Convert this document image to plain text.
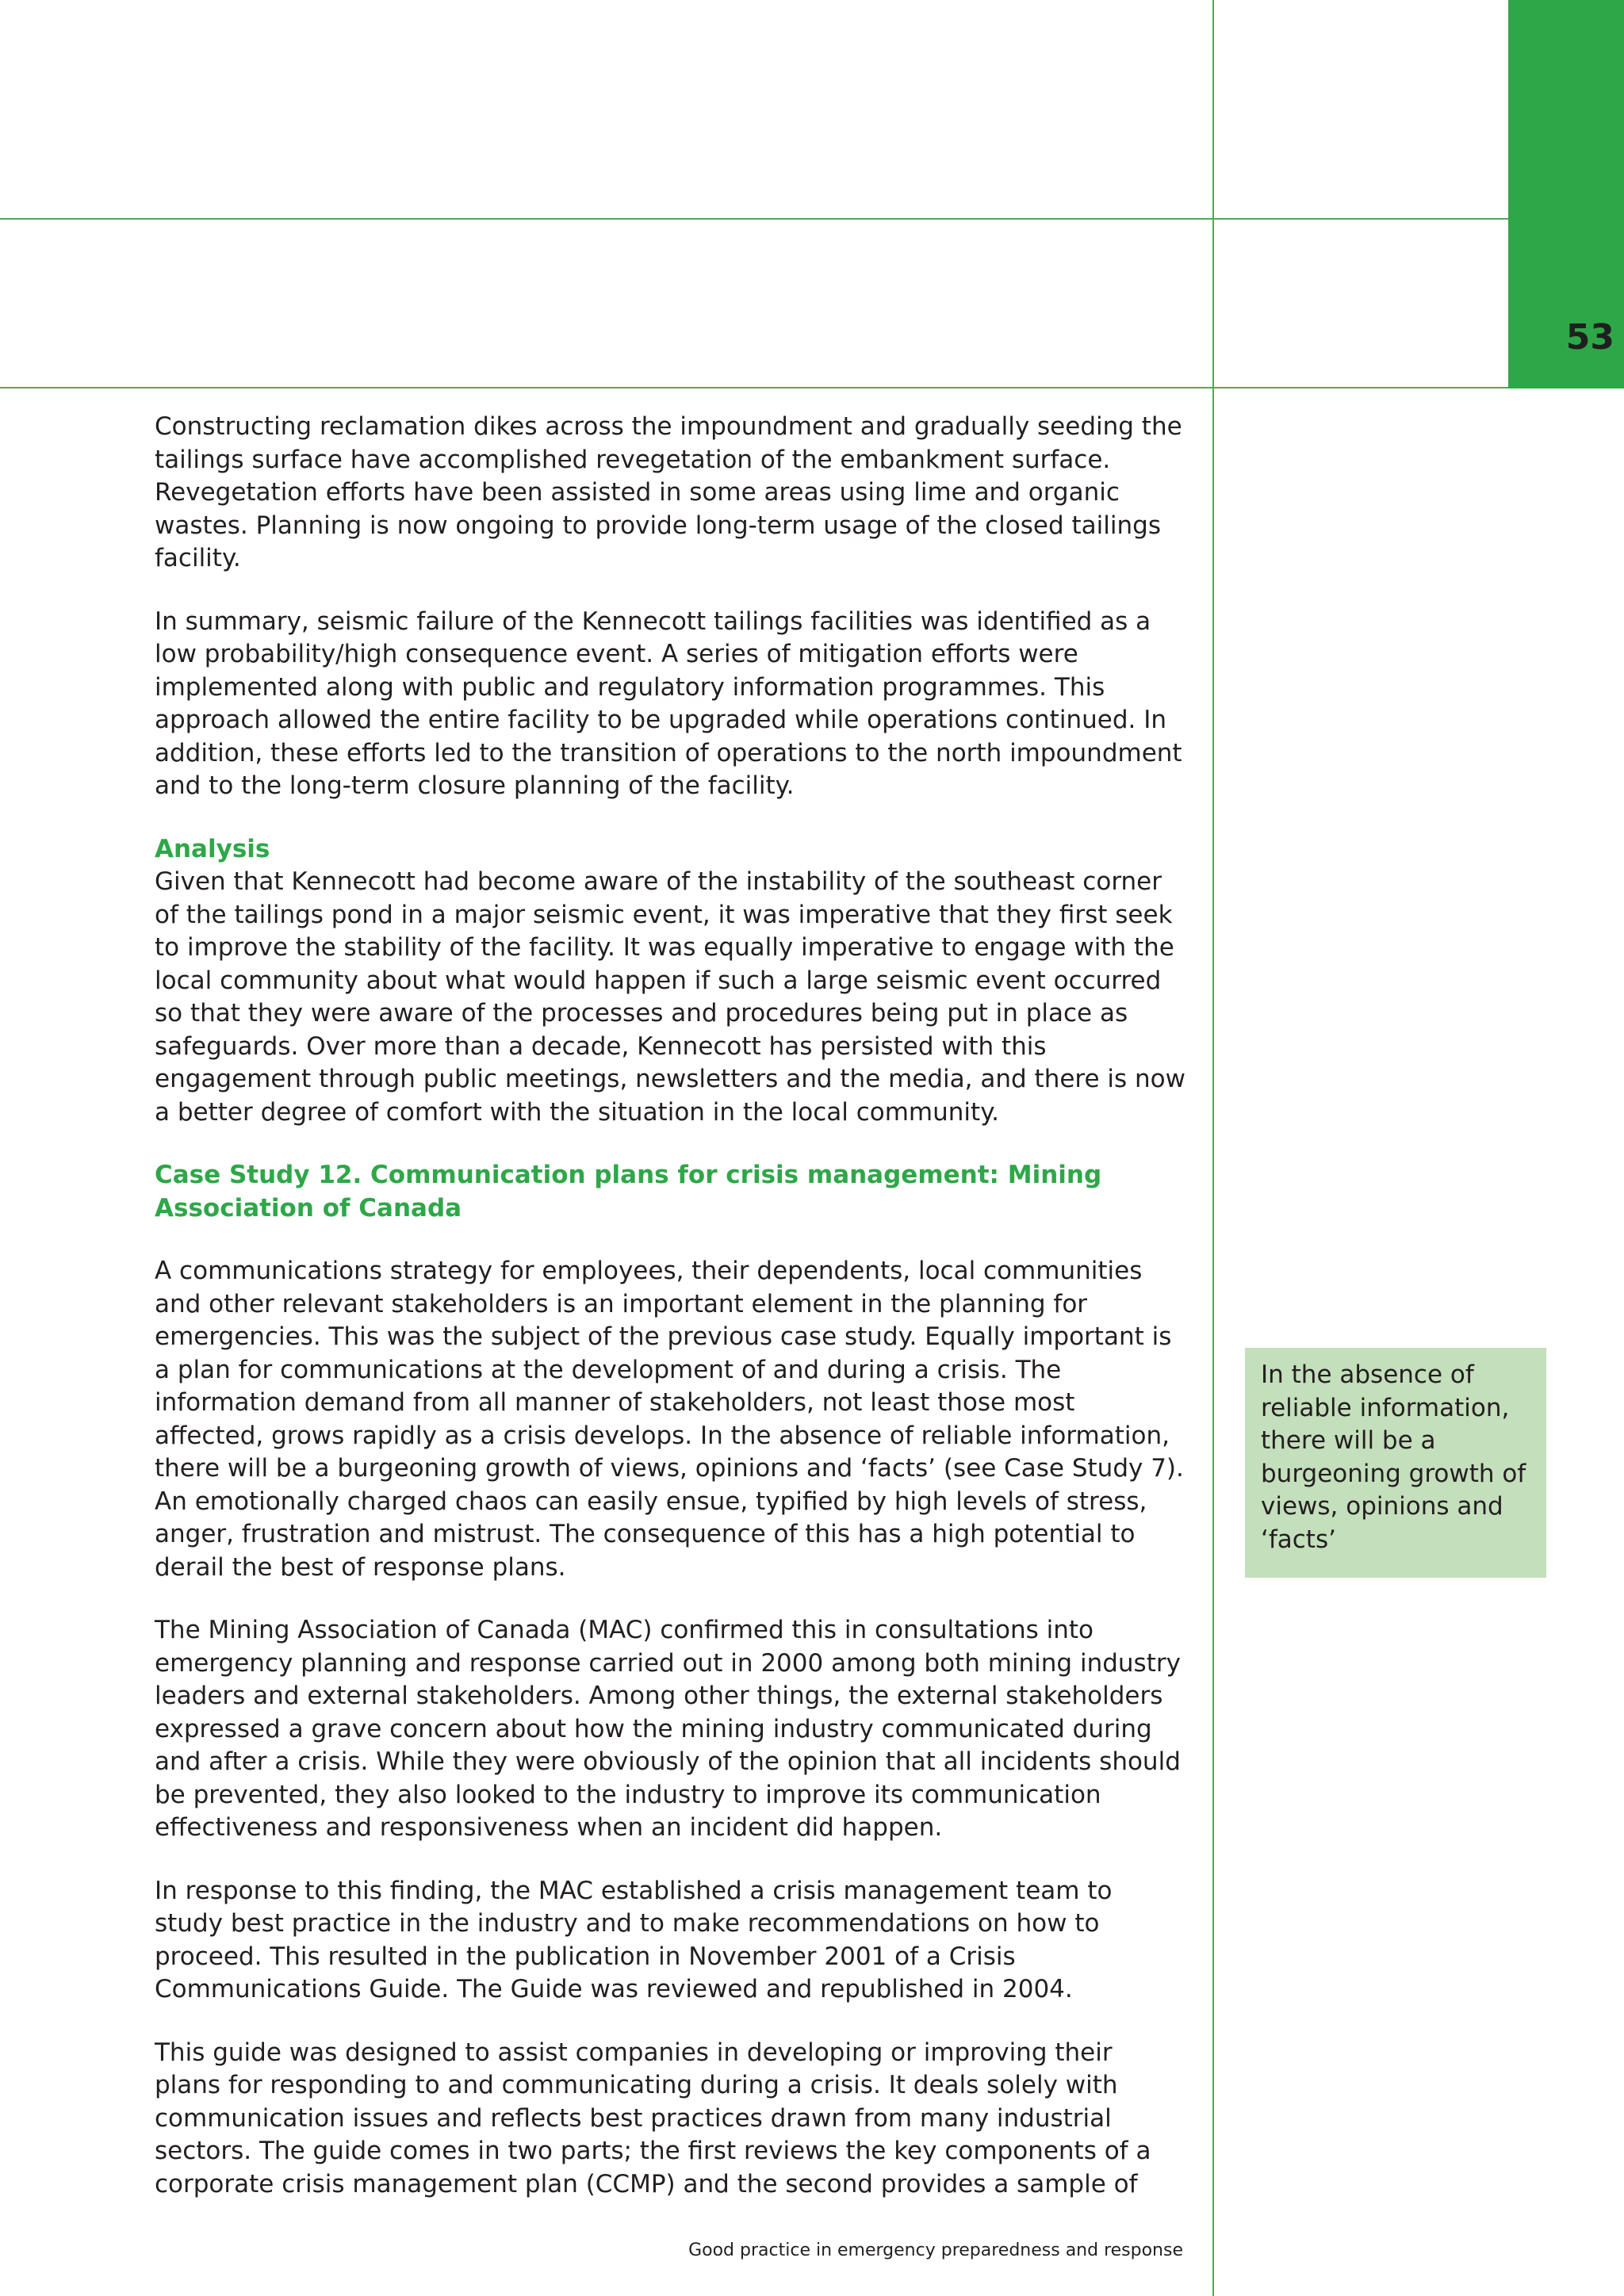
53

Constructing reclamation dikes across the impoundment and gradually seeding the tailings surface have accomplished revegetation of the embankment surface. Revegetation efforts have been assisted in some areas using lime and organic wastes. Planning is now ongoing to provide long-term usage of the closed tailings facility.

In summary, seismic failure of the Kennecott tailings facilities was identified as a low probability/high consequence event. A series of mitigation efforts were implemented along with public and regulatory information programmes. This approach allowed the entire facility to be upgraded while operations continued. In addition, these efforts led to the transition of operations to the north impoundment and to the long-term closure planning of the facility.

Analysis

Given that Kennecott had become aware of the instability of the southeast corner of the tailings pond in a major seismic event, it was imperative that they first seek to improve the stability of the facility. It was equally imperative to engage with the local community about what would happen if such a large seismic event occurred so that they were aware of the processes and procedures being put in place as safeguards. Over more than a decade, Kennecott has persisted with this engagement through public meetings, newsletters and the media, and there is now a better degree of comfort with the situation in the local community.

Case Study 12. Communication plans for crisis management: Mining Association of Canada

A communications strategy for employees, their dependents, local communities and other relevant stakeholders is an important element in the planning for emergencies. This was the subject of the previous case study. Equally important is a plan for communications at the development of and during a crisis. The information demand from all manner of stakeholders, not least those most affected, grows rapidly as a crisis develops. In the absence of reliable information, there will be a burgeoning growth of views, opinions and ‘facts’ (see Case Study 7). An emotionally charged chaos can easily ensue, typified by high levels of stress, anger, frustration and mistrust. The consequence of this has a high potential to derail the best of response plans.

The Mining Association of Canada (MAC) confirmed this in consultations into emergency planning and response carried out in 2000 among both mining industry leaders and external stakeholders. Among other things, the external stakeholders expressed a grave concern about how the mining industry communicated during and after a crisis. While they were obviously of the opinion that all incidents should be prevented, they also looked to the industry to improve its communication effectiveness and responsiveness when an incident did happen.

In response to this finding, the MAC established a crisis management team to study best practice in the industry and to make recommendations on how to proceed. This resulted in the publication in November 2001 of a Crisis Communications Guide. The Guide was reviewed and republished in 2004.

This guide was designed to assist companies in developing or improving their plans for responding to and communicating during a crisis. It deals solely with communication issues and reflects best practices drawn from many industrial sectors. The guide comes in two parts; the first reviews the key components of a corporate crisis management plan (CCMP) and the second provides a sample of

In the absence of reliable information, there will be a burgeoning growth of views, opinions and ‘facts’
Good practice in emergency preparedness and response
